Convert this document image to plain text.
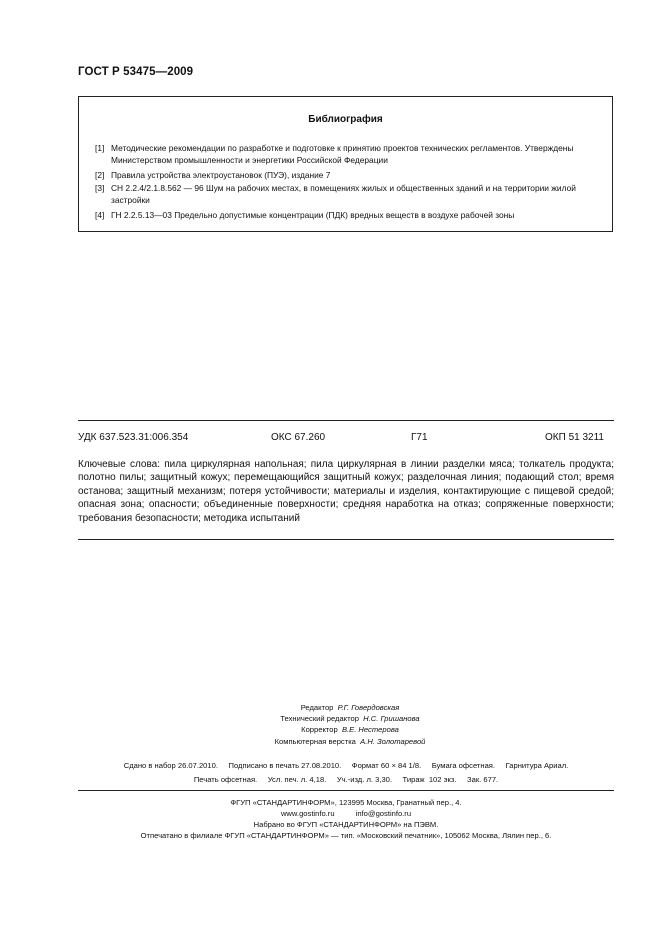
ГОСТ Р 53475—2009
Библиография
[1] Методические рекомендации по разработке и подготовке к принятию проектов технических регламентов. Утверждены Министерством промышленности и энергетики Российской Федерации
[2] Правила устройства электроустановок (ПУЭ), издание 7
[3] СН 2.2.4/2.1.8.562 — 96 Шум на рабочих местах, в помещениях жилых и общественных зданий и на территории жилой застройки
[4] ГН 2.2.5.13—03 Предельно допустимые концентрации (ПДК) вредных веществ в воздухе рабочей зоны
УДК 637.523.31:006.354	ОКС 67.260	Г71	ОКП 51 3211
Ключевые слова: пила циркулярная напольная; пила циркулярная в линии разделки мяса; толкатель продукта; полотно пилы; защитный кожух; перемещающийся защитный кожух; разделочная линия; подающий стол; время останова; защитный механизм; потеря устойчивости; материалы и изделия, контактирующие с пищевой средой; опасная зона; опасности; объединенные поверхности; средняя наработка на отказ; сопряженные поверхности; требования безопасности; методика испытаний
Редактор Р.Г. Говердовская
Технический редактор Н.С. Гришанова
Корректор В.Е. Нестерова
Компьютерная верстка А.Н. Золотаревой
Сдано в набор 26.07.2010.     Подписано в печать 27.08.2010.     Формат 60 × 84 1/8.     Бумага офсетная.     Гарнитура Ариал.
Печать офсетная.     Усл. печ. л. 4,18.     Уч.-изд. л. 3,30.     Тираж  102 экз.     Зак. 677.
ФГУП «СТАНДАРТИНФОРМ», 123995 Москва, Гранатный пер., 4.
www.gostinfo.ru          info@gostinfo.ru
Набрано во ФГУП «СТАНДАРТИНФОРМ» на ПЭВМ.
Отпечатано в филиале ФГУП «СТАНДАРТИНФОРМ» — тип. «Московский печатник», 105062 Москва, Лялин пер., 6.
